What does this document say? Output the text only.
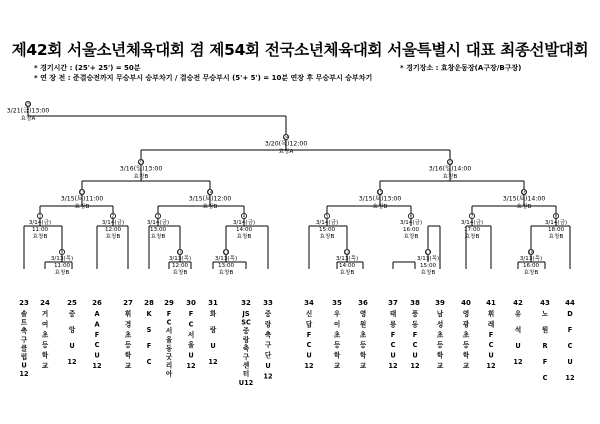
제42회 서울소년체육대회 겸 제54회 전국소년체육대회 서울특별시 대표 최종선발대회
* 경기시간 : (25'+ 25') = 50분	* 경기장소 : 효창운동장(A구장/B구장)
* 연 장 전 : 준결승전까지 무승부시 승부차기 / 결승전 무승부시 (5'+ 5') = 10분 연장 후 무승부시 승부차기
25
3/21(금)13:00
효창A
24
3/20(목)12:00
효창A
21
3/16(일)13:00
효창B
22
3/16(일)14:00
효창B
13
3/15(토)11:00
효창B
14
3/15(토)12:00
효창B
15
3/15(토)13:00
효창B
16
3/15(토)14:00
효창B
1
3/14(금)
11:00
효창B
2
3/14(금)
12:00
효창B
3
3/14(금)
13:00
효창B
4
3/14(금)
14:00
효창B
5
3/14(금)
15:00
효창B
6
3/14(금)
16:00
효창B
7
3/14(금)
17:00
효창B
8
3/14(금)
18:00
효창B
9
3/13(목)
11:00
효창B
10
3/13(목)
12:00
효창B
11
3/13(목)
13:00
효창B
12
3/13(목)
14:00
효창B
17
3/13(목)
15:00
효창B
18
3/13(목)
16:00
효창B
23
솔
트
축
구
클
럽
U
12
24
거
여
초
등
학
교
25
중
앙
U
12
26
A
A
F
C
U
12
27
휘
경
초
등
학
교
28
K
S
F
C
29
F
C
서
울
동
굿
리
아
30
F
C
서
울
U
12
31
화
랑
U
12
32
JS
SC
중
랑
축
구
센
터
U12
33
중
랑
축
구
단
U
12
34
신
답
F
C
U
12
35
우
이
초
등
학
교
36
영
원
초
등
학
교
37
태
릉
F
C
U
12
38
풍
동
F
C
U
12
39
남
성
초
등
학
교
40
영
광
초
등
학
교
41
휘
레
F
C
U
12
42
유
석
U
12
43
노
원
R
F
C
44
D
F
C
U
12
